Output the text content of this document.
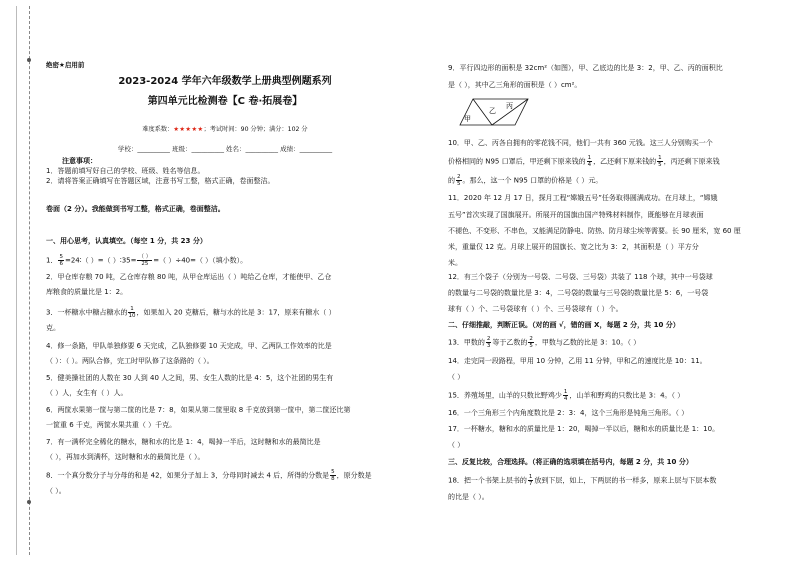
绝密★启用前
2023-2024 学年六年级数学上册典型例题系列
第四单元比检测卷【C 卷·拓展卷】
难度系数：★★★★★；考试时间：90 分钟；满分：102 分
学校：__________ 班级：__________ 姓名：__________ 成绩：__________
注意事项：
1．答题前填写好自己的学校、班级、姓名等信息。
2．请将答案正确填写在答题区域，注意书写工整，格式正确，卷面整洁。
卷面（2 分）。我能做到书写工整，格式正确，卷面整洁。
一、用心思考，认真填空。（每空 1 分，共 23 分）
1． $\frac{5}{6}$ =24∶（ ）=（ ）∶35= $\frac{( )}{25}$ =（ ）÷40=（ ）（填小数）。
2．甲仓库存粮 70 吨，乙仓库存粮 80 吨，从甲仓库运出（ ）吨给乙仓库，才能使甲、乙仓
库粮食的质量比是 1：2。
3．一杯糖水中糖占糖水的 $\frac{1}{10}$ ，如果加入 20 克糖后，糖与水的比是 3：17，原来有糖水（ ）
克。
4．修一条路，甲队单独修要 6 天完成，乙队独修要 10 天完成，甲、乙两队工作效率的比是
（ ）：（ ）。两队合修，完工时甲队修了这条路的（ ）。
5．健美操社团的人数在 30 人到 40 人之间，男、女生人数的比是 4：5，这个社团的男生有
（ ）人，女生有（ ）人。
6．两筐水果第一筐与第二筐的比是 7：8，如果从第二筐里取 8 千克放到第一筐中，第二筐还比第
一筐重 6 千克，两筐水果共重（ ）千克。
7．有一满杯完全稀化的糖水，糖和水的比是 1：4，喝掉一半后，这时糖和水的最简比是
（ ），再加水到满杯，这时糖和水的最简比是（ ）。
8．一个真分数分子与分母的和是 42，如果分子加上 3，分母同时减去 4 后，所得的分数是 $\frac{5}{8}$ ，原分数是
（ ）。
9．平行四边形的面积是 32cm²（如图），甲、乙底边的比是 3：2，甲、乙、丙的面积比
是（ ），其中乙三角形的面积是（ ）cm²。
甲
乙
丙
10．甲、乙、丙各自拥有的零花钱不同，他们一共有 360 元钱。这三人分别购买一个
价格相同的 N95 口罩后，甲还剩下原来钱的 $\frac{1}{4}$ ，乙还剩下原来钱的 $\frac{1}{5}$ ，丙还剩下原来钱
的 $\frac{2}{5}$ 。那么，这一个 N95 口罩的价格是（ ）元。
11．2020 年 12 月 17 日，探月工程“嫦娥五号”任务取得圆满成功。在月球上，“嫦娥
五号”首次实现了国旗展开。所展开的国旗由国产特殊材料制作，既能够在月球表面
不褪色、不变形、不串色，又能满足防静电、防热、防月球尘埃等需要。长 90 厘米，宽 60 厘
米，重量仅 12 克。月球上展开的国旗长、宽之比为 3：2，其面积是（ ）平方分
米。
12．有三个袋子（分别为一号袋、二号袋、三号袋）共装了 118 个球，其中一号袋球
的数量与二号袋的数量比是 3：4，二号袋的数量与三号袋的数量比是 5：6，一号袋
球有（ ）个、二号袋球有（ ）个、三号袋球有（ ）个。
二、仔细推敲，判断正误。（对的画 √，错的画 X，每题 2 分，共 10 分）
13．甲数的 $\frac{2}{3}$ 等于乙数的 $\frac{2}{5}$ ，甲数与乙数的比是 3：10。（ ）
14．走完同一段路程，甲用 10 分钟，乙用 11 分钟，甲和乙的速度比是 10：11。
（ ）
15．养殖场里，山羊的只数比野鸡少 $\frac{1}{4}$ ，山羊和野鸡的只数比是 3：4。（ ）
16．一个三角形三个内角度数比是 2：3：4，这个三角形是钝角三角形。（ ）
17．一杯糖水，糖和水的质量比是 1：20，喝掉一半以后，糖和水的质量比是 1：10。
（ ）
三、反复比较，合理选择。（将正确的选项填在括号内，每题 2 分，共 10 分）
18．把一个书架上层书的 $\frac{1}{7}$ 放到下层，如上，下两层的书一样多，原来上层与下层本数
的比是（ ）。
